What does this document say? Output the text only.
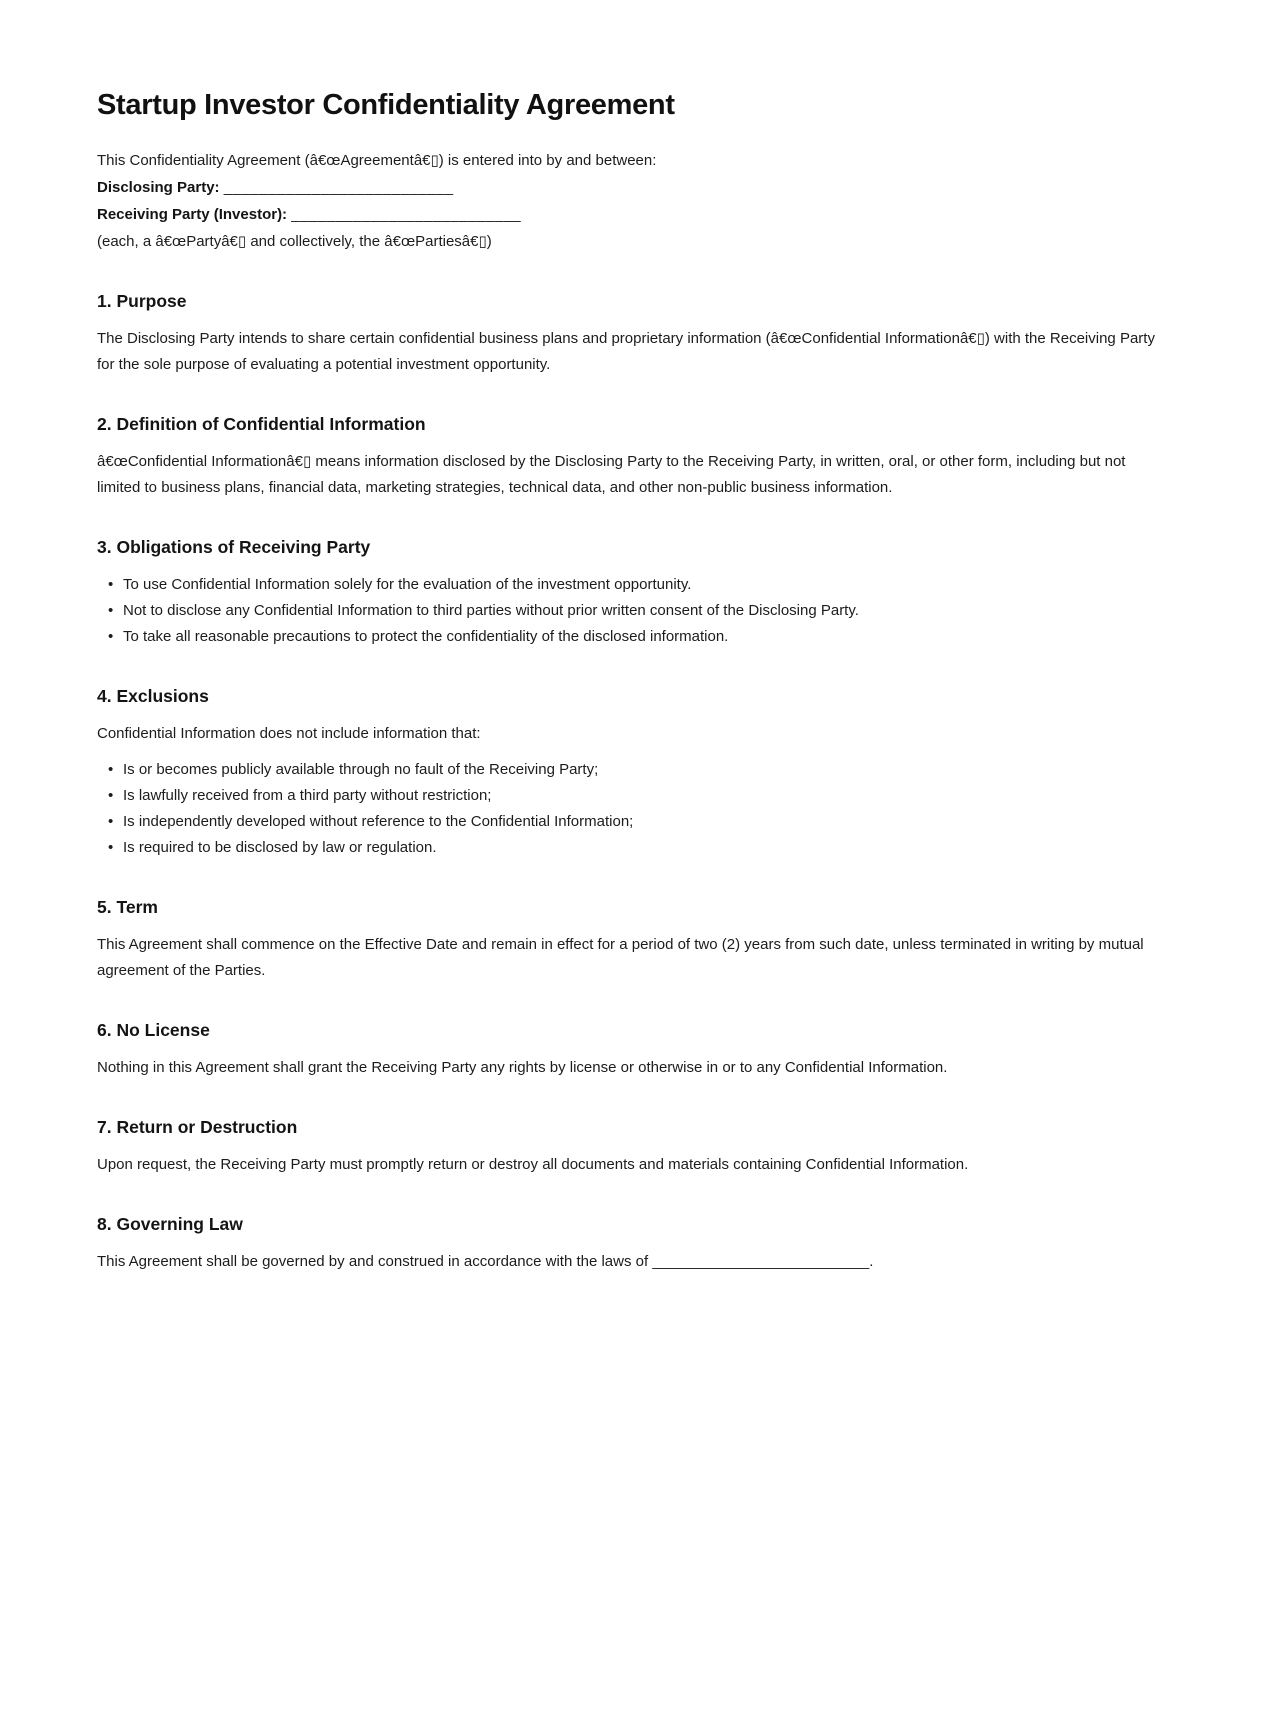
Startup Investor Confidentiality Agreement

This Confidentiality Agreement (â€œAgreementâ€▯) is entered into by and between:

Disclosing Party: __________________________

Receiving Party (Investor): __________________________

(each, a â€œPartyâ€▯ and collectively, the â€œPartiesâ€▯)

1. Purpose

The Disclosing Party intends to share certain confidential business plans and proprietary information (â€œConfidential Informationâ€▯) with the Receiving Party for the sole purpose of evaluating a potential investment opportunity.

2. Definition of Confidential Information

â€œConfidential Informationâ€▯ means information disclosed by the Disclosing Party to the Receiving Party, in written, oral, or other form, including but not limited to business plans, financial data, marketing strategies, technical data, and other non-public business information.

3. Obligations of Receiving Party
• To use Confidential Information solely for the evaluation of the investment opportunity.
• Not to disclose any Confidential Information to third parties without prior written consent of the Disclosing Party.
• To take all reasonable precautions to protect the confidentiality of the disclosed information.
4. Exclusions

Confidential Information does not include information that:

• Is or becomes publicly available through no fault of the Receiving Party;
• Is lawfully received from a third party without restriction;
• Is independently developed without reference to the Confidential Information;
• Is required to be disclosed by law or regulation.
5. Term

This Agreement shall commence on the Effective Date and remain in effect for a period of two (2) years from such date, unless terminated in writing by mutual agreement of the Parties.

6. No License

Nothing in this Agreement shall grant the Receiving Party any rights by license or otherwise in or to any Confidential Information.

7. Return or Destruction

Upon request, the Receiving Party must promptly return or destroy all documents and materials containing Confidential Information.

8. Governing Law

This Agreement shall be governed by and construed in accordance with the laws of __________________________.
